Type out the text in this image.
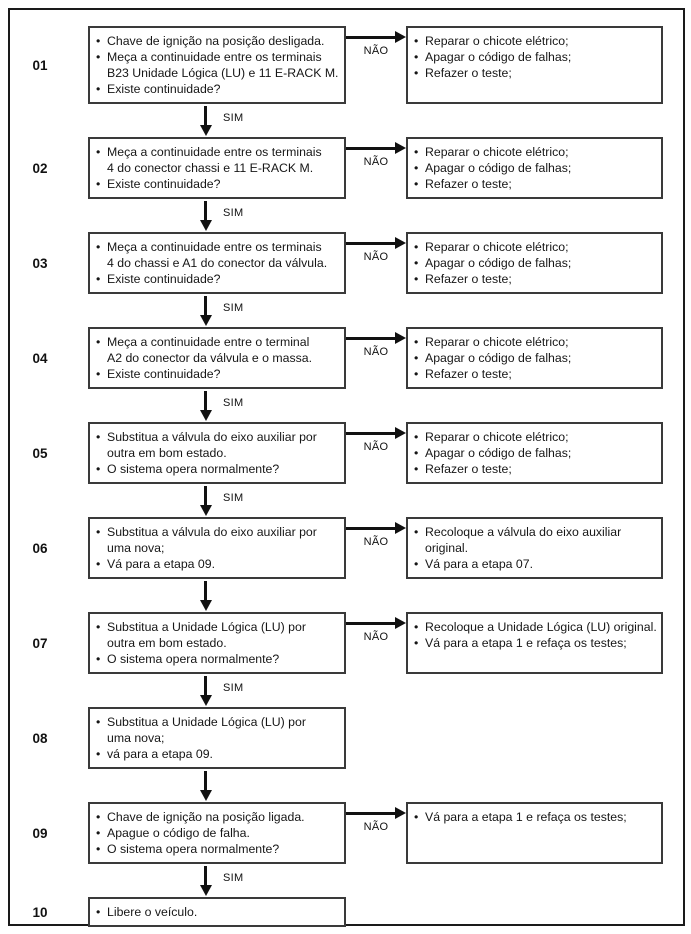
01
• Chave de ignição na posição desligada.
• Meça a continuidade entre os terminais
B23 Unidade Lógica (LU) e 11 E-RACK M.
• Existe continuidade?
NÃO
• Reparar o chicote elétrico;
• Apagar o código de falhas;
• Refazer o teste;
SIM
02
• Meça a continuidade entre os terminais
4 do conector chassi e 11 E-RACK M.
• Existe continuidade?
NÃO
• Reparar o chicote elétrico;
• Apagar o código de falhas;
• Refazer o teste;
SIM
03
• Meça a continuidade entre os terminais
4 do chassi e A1 do conector da válvula.
• Existe continuidade?
NÃO
• Reparar o chicote elétrico;
• Apagar o código de falhas;
• Refazer o teste;
SIM
04
• Meça a continuidade entre o terminal
A2 do conector da válvula e o massa.
• Existe continuidade?
NÃO
• Reparar o chicote elétrico;
• Apagar o código de falhas;
• Refazer o teste;
SIM
05
• Substitua a válvula do eixo auxiliar por
outra em bom estado.
• O sistema opera normalmente?
NÃO
• Reparar o chicote elétrico;
• Apagar o código de falhas;
• Refazer o teste;
SIM
06
• Substitua a válvula do eixo auxiliar por
uma nova;
• Vá para a etapa 09.
NÃO
• Recoloque a válvula do eixo auxiliar
original.
• Vá para a etapa 07.
07
• Substitua a Unidade Lógica (LU) por
outra em bom estado.
• O sistema opera normalmente?
NÃO
• Recoloque a Unidade Lógica (LU) original.
• Vá para a etapa 1 e refaça os testes;
SIM
08
• Substitua a Unidade Lógica (LU) por
uma nova;
• vá para a etapa 09.
09
• Chave de ignição na posição ligada.
• Apague o código de falha.
• O sistema opera normalmente?
NÃO
• Vá para a etapa 1 e refaça os testes;
SIM
10	• Libere o veículo.
